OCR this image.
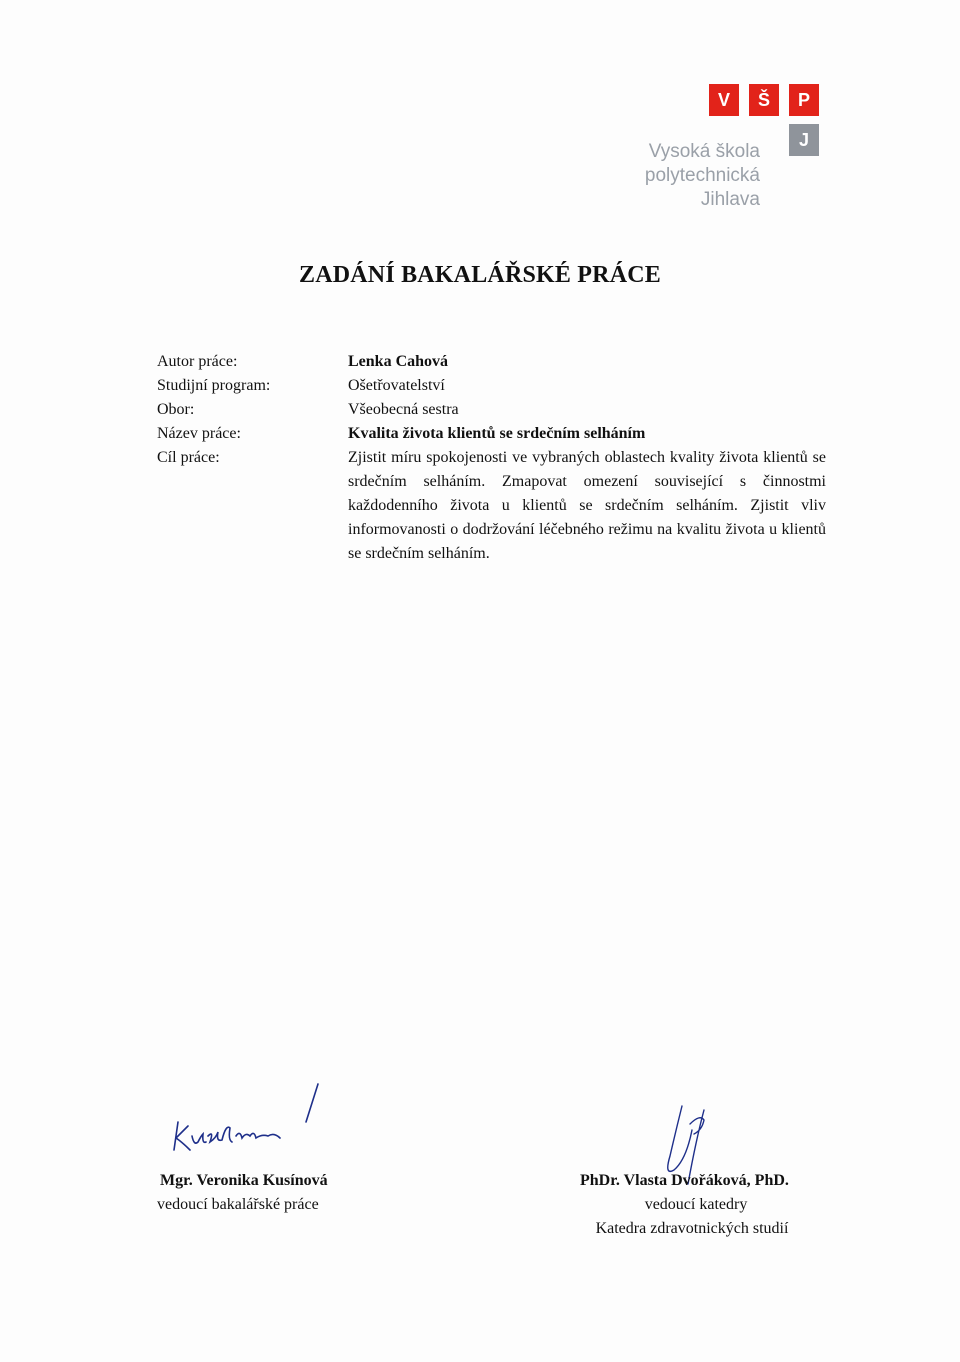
V	Š	P
J
Vysoká škola
polytechnická
Jihlava
ZADÁNÍ BAKALÁŘSKÉ PRÁCE
Autor práce:	Lenka Cahová
Studijní program:	Ošetřovatelství
Obor:	Všeobecná sestra
Název práce:	Kvalita života klientů se srdečním selháním
Cíl práce:	Zjistit míru spokojenosti ve vybraných oblastech kvality života klientů se srdečním selháním. Zmapovat omezení související s činnostmi každodenního života u klientů se srdečním selháním. Zjistit vliv informovanosti o dodržování léčebného režimu na kvalitu života u klientů se srdečním selháním.
Mgr. Veronika Kusínová
vedoucí bakalářské práce
PhDr. Vlasta Dvořáková, PhD.
vedoucí katedry
Katedra zdravotnických studií
